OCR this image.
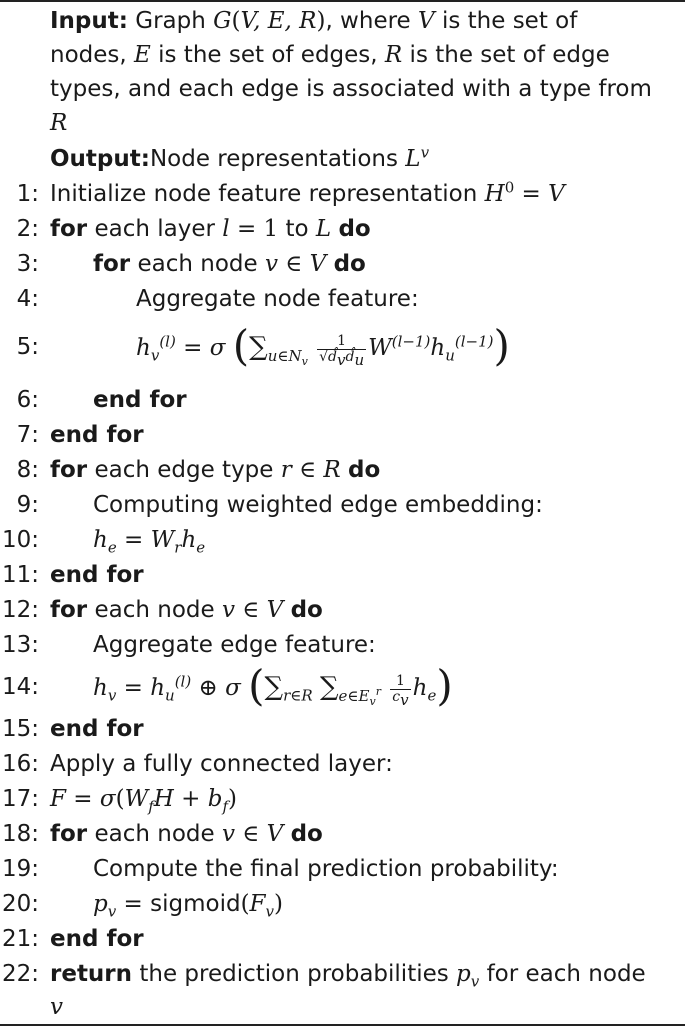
Input: Graph G(V, E, R), where V is the set of
nodes, E is the set of edges, R is the set of edge
types, and each edge is associated with a type from
R
Output:Node representations $L^v$
1: Initialize node feature representation $H^0 = V$
2: for each layer l = 1 to L do
3: for each node v ∈ V do
4:	Aggregate node feature:
5:	$h_v^{(l)} = \sigma$ $(\sum_{u\in N_v} \frac{1}{√d̂_vd̂_u} W^{(l-1)}h_u^{(l-1)})$
6: end for
7: end for
8: for each edge type r ∈ R do
9: Computing weighted edge embedding:
10: $h_e = W_rh_e$
11: end for
12: for each node v ∈ V do
13: Aggregate edge feature:
14: $h_v = h_u^{(l)}$ ⊕ σ ($\sum_{r\in R}$ $\sum_{e\in E_v^r} \frac{1}{c_v} h_e$)
15: end for
16: Apply a fully connected layer:
17: $F = \sigma(W_fH + b_f)$
18: for each node v ∈ V do
19: Compute the final prediction probability:
20: $p_v$ = $sigmoid(F_v)$
21: end for
22: return the prediction probabilities $p_v$ for each node
v
